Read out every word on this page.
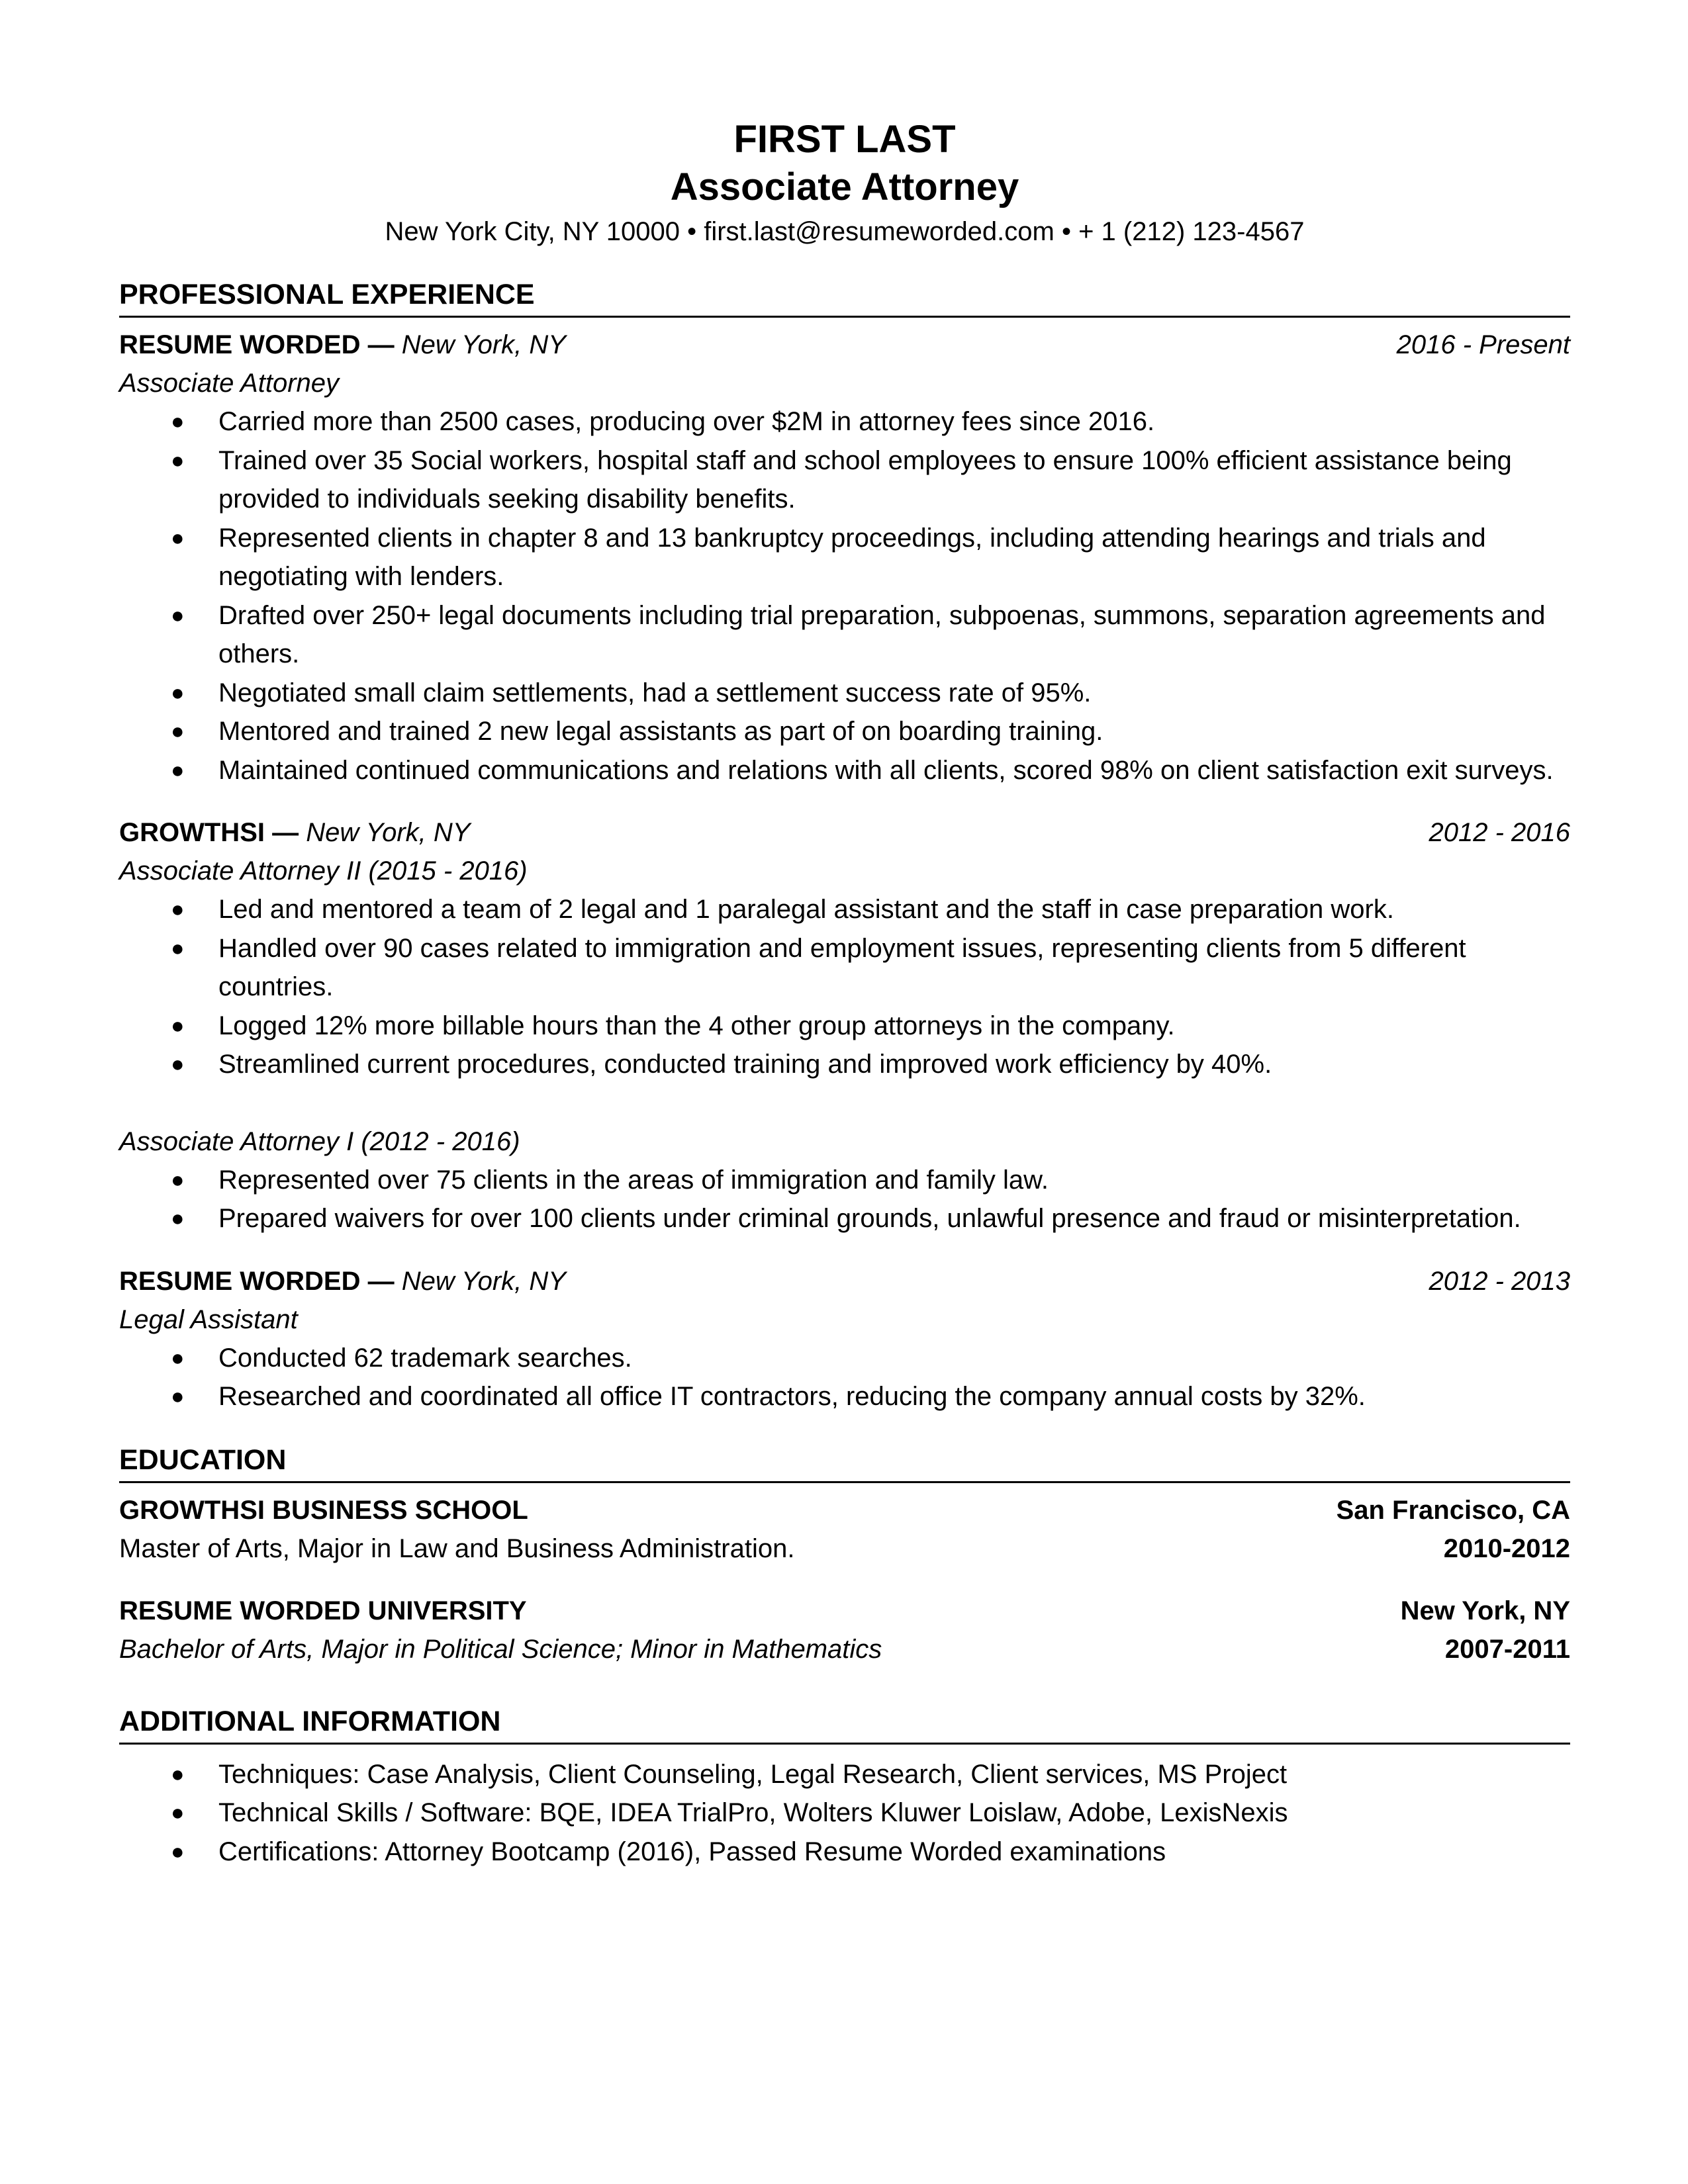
FIRST LAST
Associate Attorney
New York City, NY 10000 • first.last@resumeworded.com • + 1 (212) 123-4567
PROFESSIONAL EXPERIENCE
RESUME WORDED — New York, NY	2016 - Present
Associate Attorney
● Carried more than 2500 cases, producing over $2M in attorney fees since 2016.
● Trained over 35 Social workers, hospital staff and school employees to ensure 100% efficient assistance being provided to individuals seeking disability benefits.
● Represented clients in chapter 8 and 13 bankruptcy proceedings, including attending hearings and trials and negotiating with lenders.
● Drafted over 250+ legal documents including trial preparation, subpoenas, summons, separation agreements and others.
● Negotiated small claim settlements, had a settlement success rate of 95%.
● Mentored and trained 2 new legal assistants as part of on boarding training.
● Maintained continued communications and relations with all clients, scored 98% on client satisfaction exit surveys.
GROWTHSI — New York, NY	2012 - 2016
Associate Attorney II (2015 - 2016)
● Led and mentored a team of 2 legal and 1 paralegal assistant and the staff in case preparation work.
● Handled over 90 cases related to immigration and employment issues, representing clients from 5 different countries.
● Logged 12% more billable hours than the 4 other group attorneys in the company.
● Streamlined current procedures, conducted training and improved work efficiency by 40%.
Associate Attorney I (2012 - 2016)
● Represented over 75 clients in the areas of immigration and family law.
● Prepared waivers for over 100 clients under criminal grounds, unlawful presence and fraud or misinterpretation.
RESUME WORDED — New York, NY	2012 - 2013
Legal Assistant
● Conducted 62 trademark searches.
● Researched and coordinated all office IT contractors, reducing the company annual costs by 32%.
EDUCATION
GROWTHSI BUSINESS SCHOOL	San Francisco, CA
Master of Arts, Major in Law and Business Administration.	2010-2012
RESUME WORDED UNIVERSITY	New York, NY
Bachelor of Arts, Major in Political Science; Minor in Mathematics	2007-2011
ADDITIONAL INFORMATION
● Techniques: Case Analysis, Client Counseling, Legal Research, Client services, MS Project
● Technical Skills / Software: BQE, IDEA TrialPro, Wolters Kluwer Loislaw, Adobe, LexisNexis
● Certifications: Attorney Bootcamp (2016), Passed Resume Worded examinations
